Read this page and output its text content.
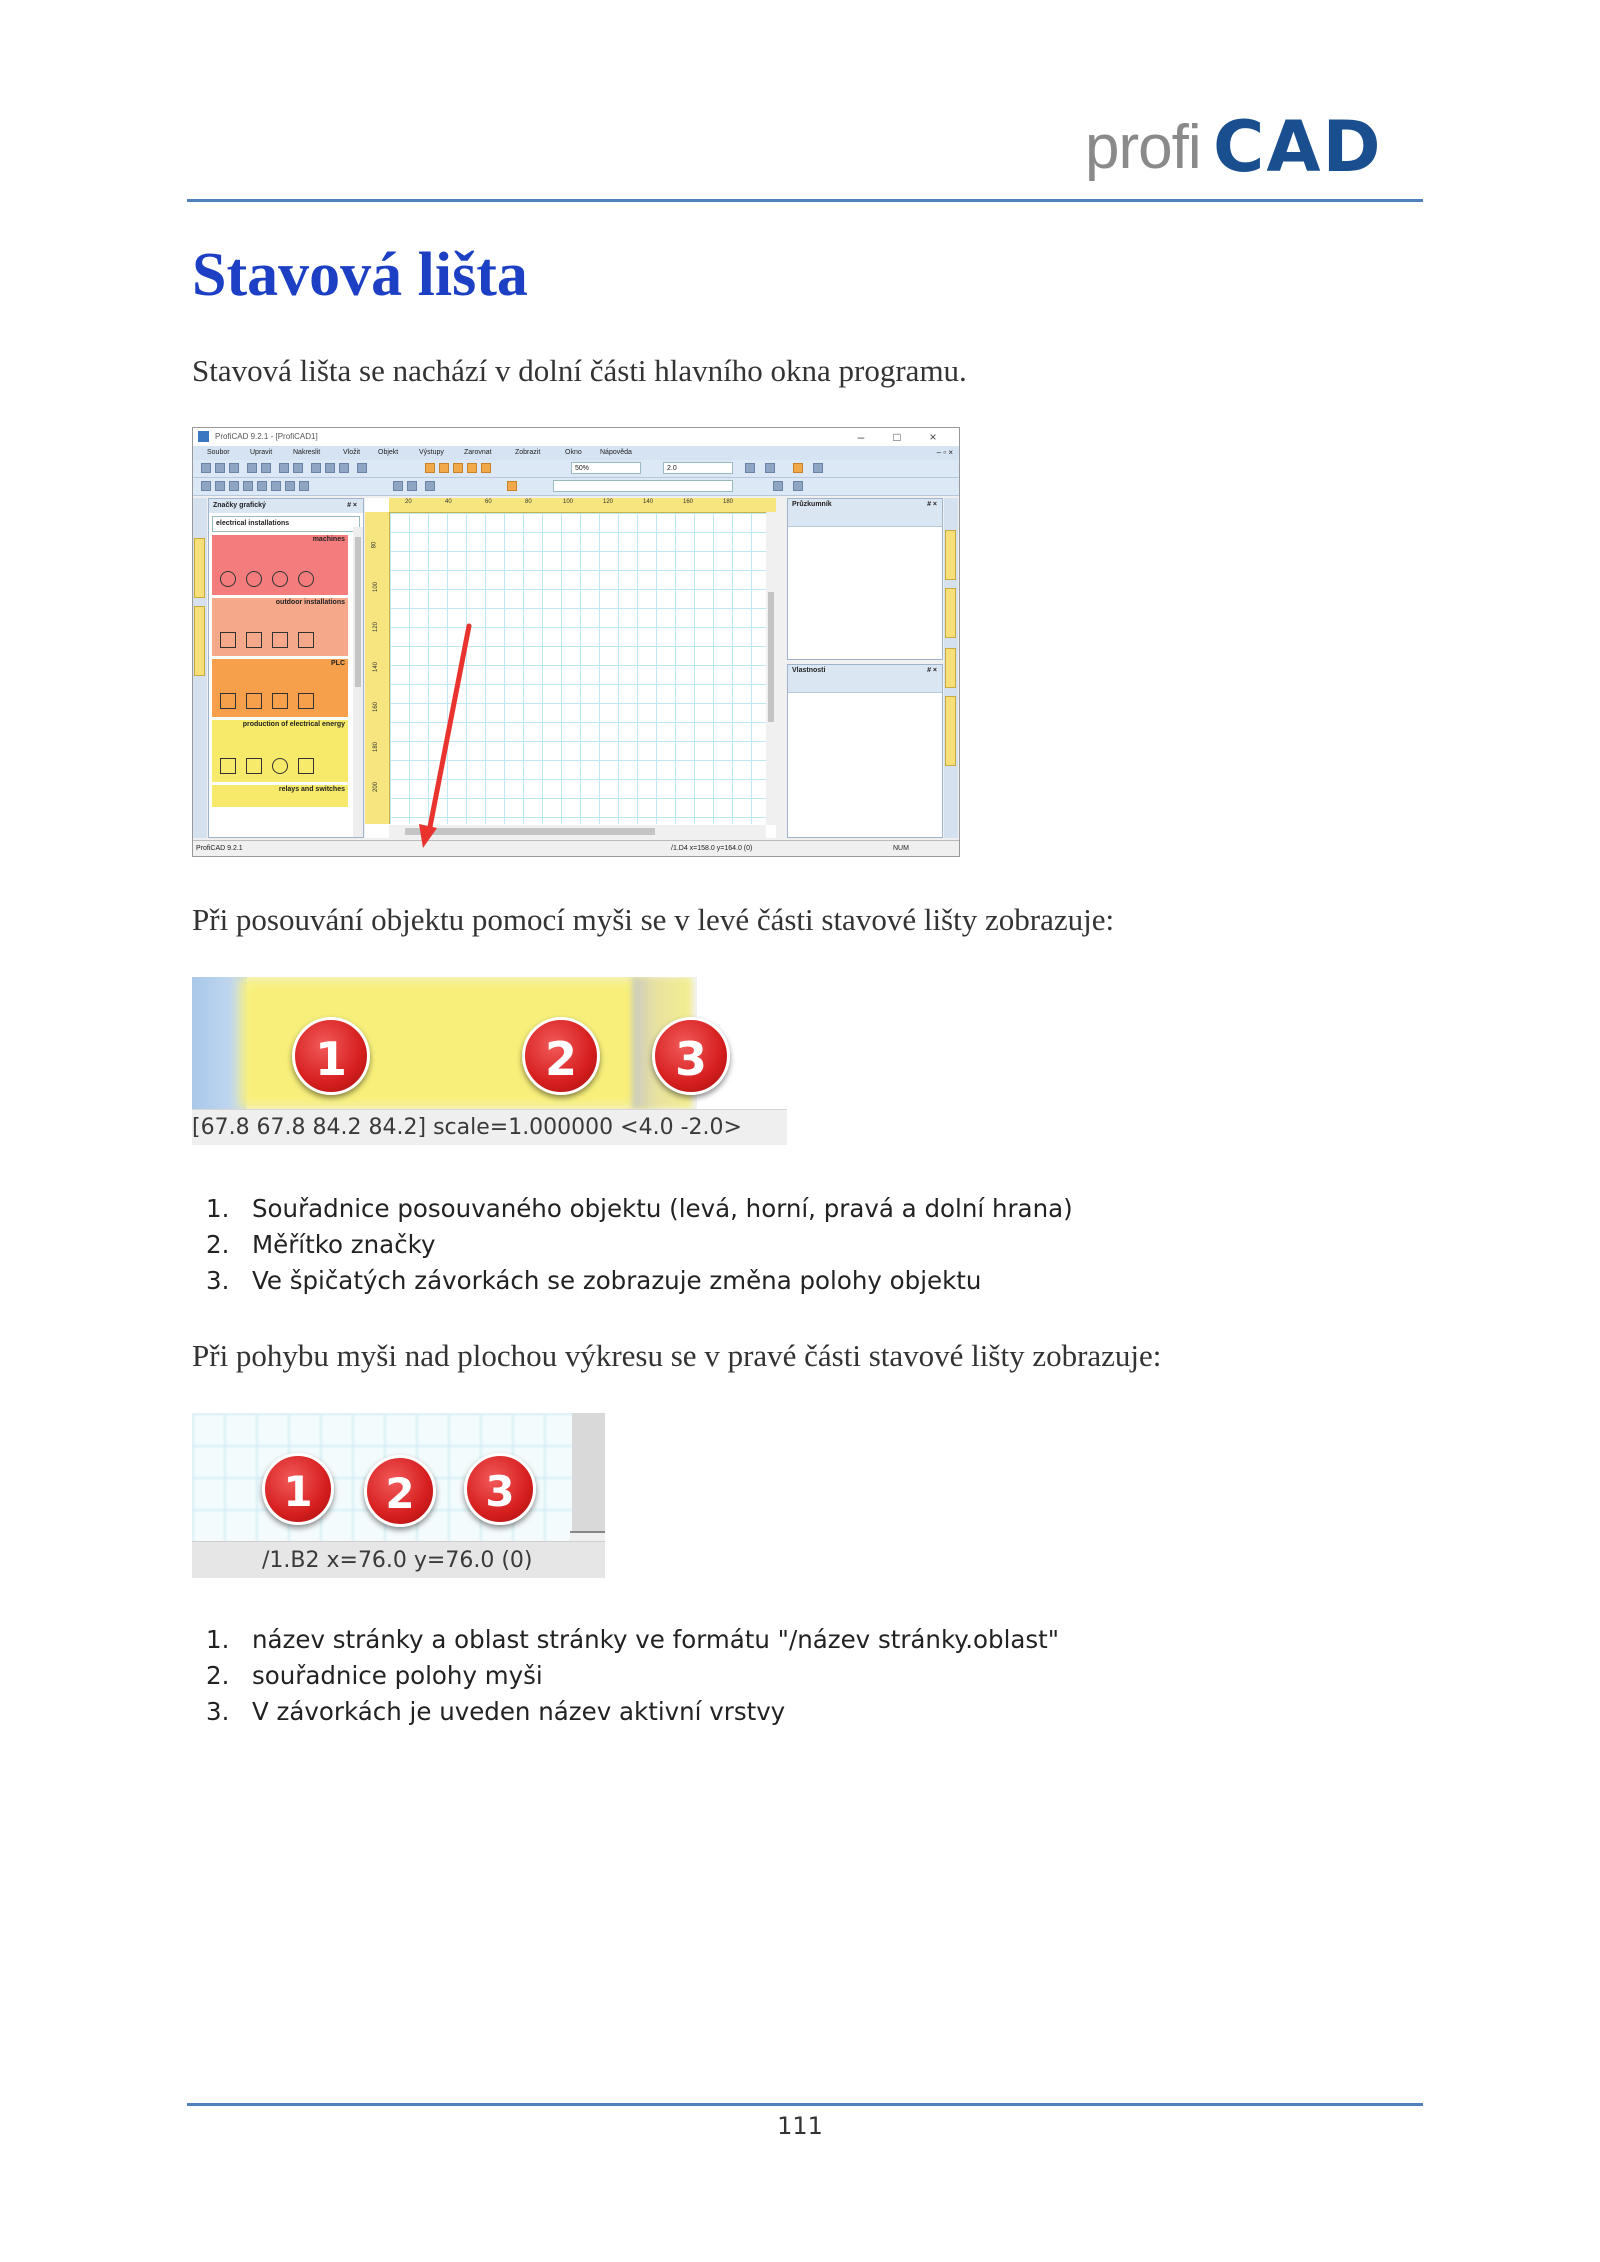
profi CAD
Stavová lišta

Stavová lišta se nachází v dolní části hlavního okna programu.

ProfiCAD 9.2.1 - [ProfiCAD1]	– □ ×
Soubor	Upravit	Nakreslit	Vložit	Objekt	Výstupy	Zarovnat	Zobrazit	Okno	Nápověda	– ▫ ×
50%	2.0
Značky grafický	# ×
electrical installations
machines
outdoor installations
PLC
production of electrical energy
relays and switches
20	40	60	80	100	120	140	160	180
80
100
120
140
160
180
200
Průzkumník	# ×
Vlastnosti	# ×
ProfiCAD 9.2.1	/1.D4 x=158.0 y=164.0 (0)	NUM

Při posouvání objektu pomocí myši se v levé části stavové lišty zobrazuje:

1	2	3
[67.8 67.8 84.2 84.2] scale=1.000000 <4.0 -2.0>
1. Souřadnice posouvaného objektu (levá, horní, pravá a dolní hrana)
2. Měřítko značky
3. Ve špičatých závorkách se zobrazuje změna polohy objektu

Při pohybu myši nad plochou výkresu se v pravé části stavové lišty zobrazuje:

1	2	3
/1.B2 x=76.0 y=76.0 (0)
1. název stránky a oblast stránky ve formátu "/název stránky.oblast"
2. souřadnice polohy myši
3. V závorkách je uveden název aktivní vrstvy
111
